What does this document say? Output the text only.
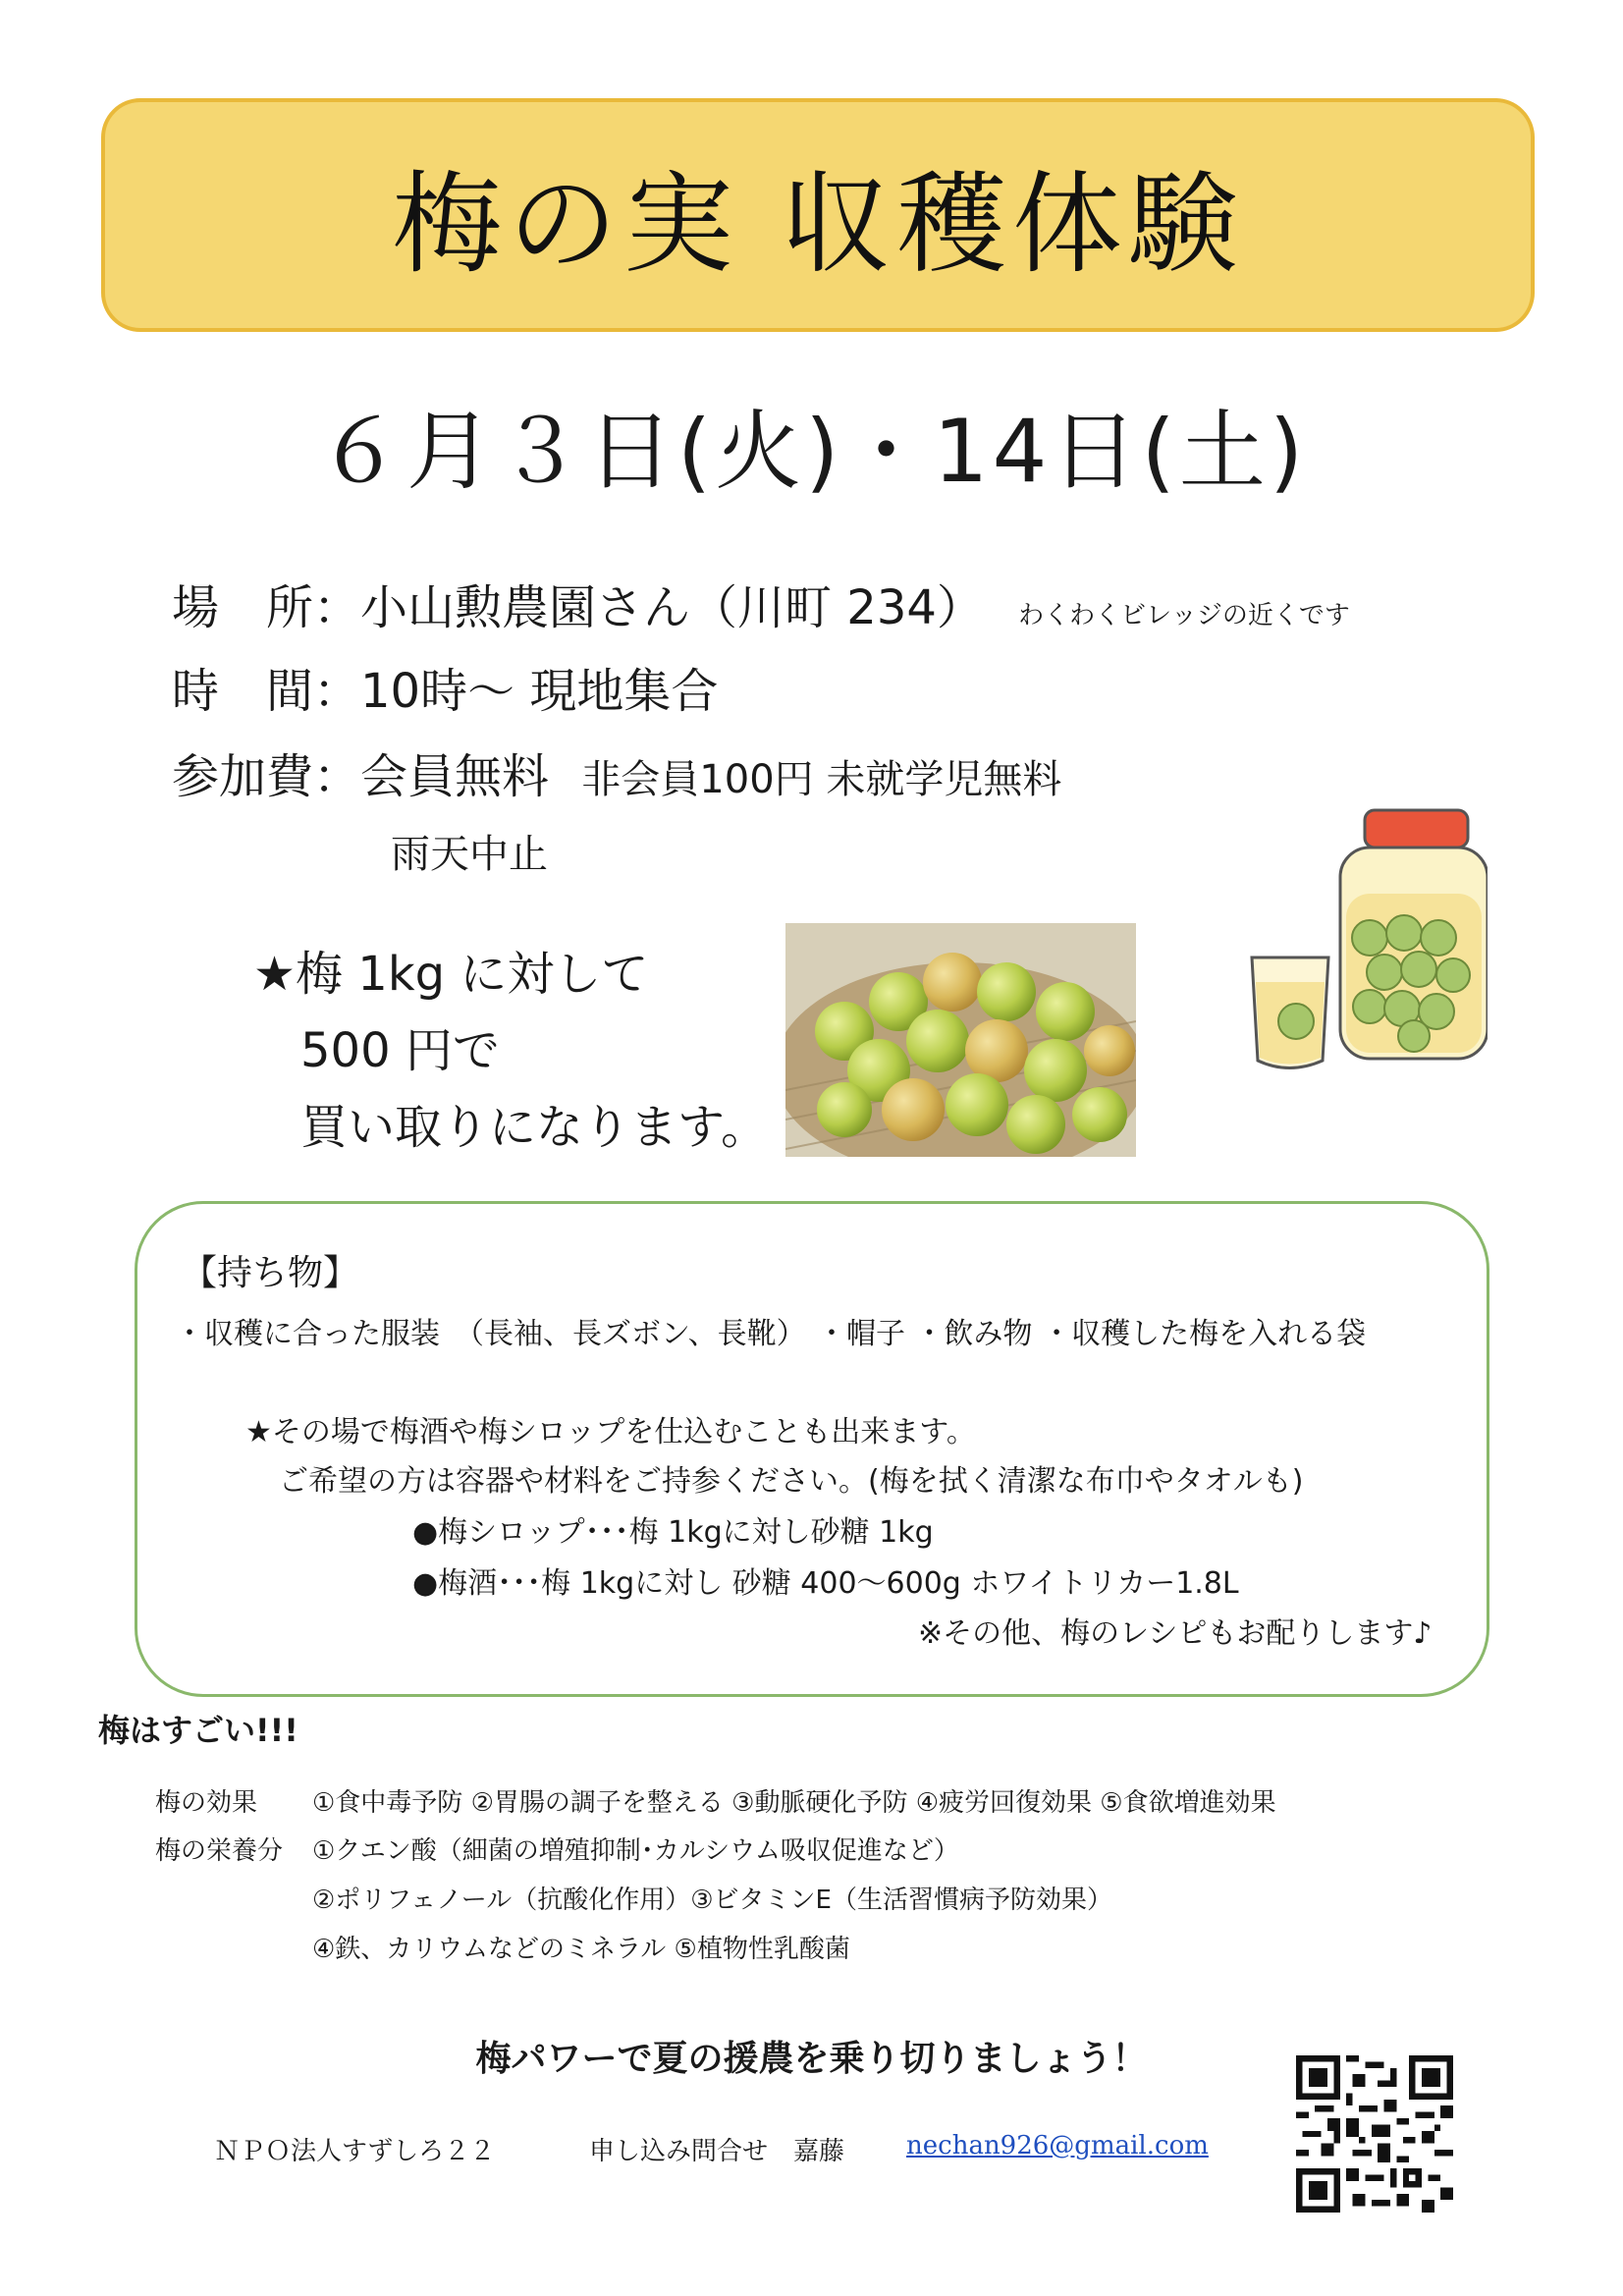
梅の実 収穫体験
６月３日(火)・14日(土)
場　所：小山勲農園さん（川町 234） わくわくビレッジの近くです
時　間：10時～ 現地集合
参加費：会員無料 非会員100円 未就学児無料
雨天中止
★梅 1kg に対して
500 円で
買い取りになります。
【持ち物】
・収穫に合った服装　（長袖、長ズボン、長靴） ・帽子 ・飲み物 ・収穫した梅を入れる袋
★その場で梅酒や梅シロップを仕込むことも出来ます。
ご希望の方は容器や材料をご持参ください。(梅を拭く清潔な布巾やタオルも)
●梅シロップ･･･梅 1kgに対し砂糖 1kg
●梅酒･･･梅 1kgに対し 砂糖 400～600g ホワイトリカー1.8L
※その他、梅のレシピもお配りします♪
梅はすごい!!!
梅の効果 ①食中毒予防 ②胃腸の調子を整える ③動脈硬化予防 ④疲労回復効果 ⑤食欲増進効果
梅の栄養分 ①クエン酸（細菌の増殖抑制･カルシウム吸収促進など）
②ポリフェノール（抗酸化作用）③ビタミンE（生活習慣病予防効果）
④鉄、カリウムなどのミネラル ⑤植物性乳酸菌
梅パワーで夏の援農を乗り切りましょう！
ＮＰＯ法人すずしろ２２	申し込み問合せ　嘉藤 nechan926@gmail.com
